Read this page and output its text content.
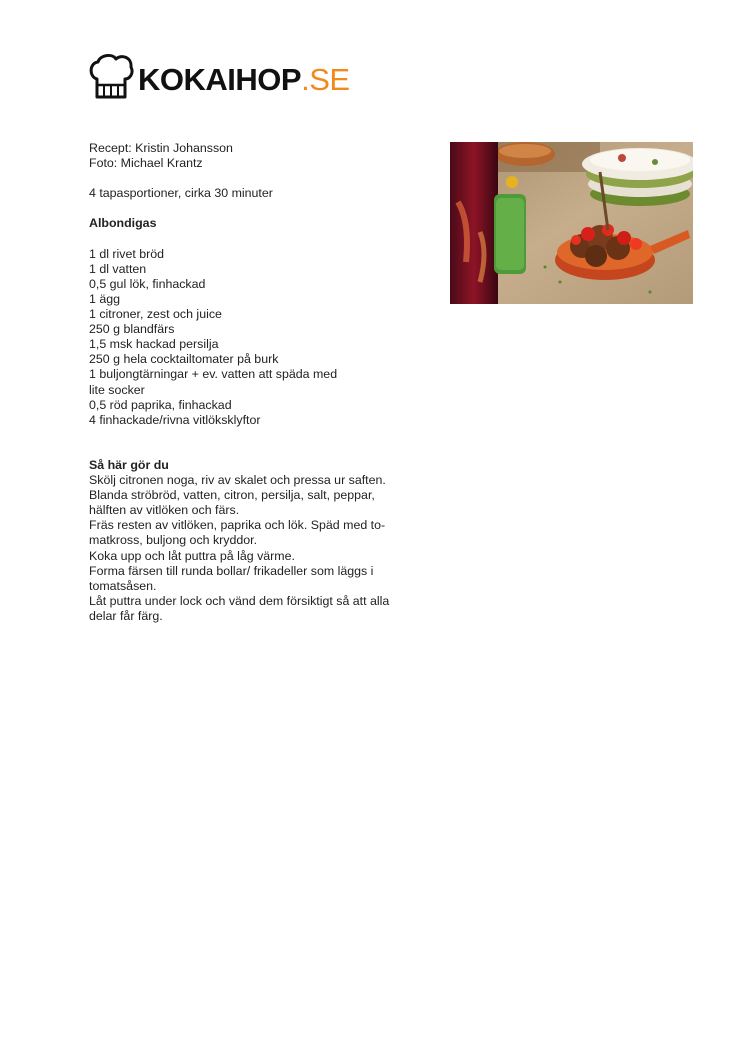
KOKAIHOP.SE

Recept: Kristin Johansson

Foto: Michael Krantz

4 tapasportioner, cirka 30 minuter

Albondigas

1 dl rivet bröd

1 dl vatten

0,5 gul lök, finhackad

1 ägg

1 citroner, zest och juice

250 g blandfärs

1,5 msk hackad persilja

250 g hela cocktailtomater på burk

1 buljongtärningar + ev. vatten att späda med

lite socker

0,5 röd paprika, finhackad

4 finhackade/rivna vitlöksklyftor

Så här gör du

Skölj citronen noga, riv av skalet och pressa ur saften.

Blanda ströbröd, vatten, citron, persilja, salt, peppar,

hälften av vitlöken och färs.

Fräs resten av vitlöken, paprika och lök. Späd med to-

matkross, buljong och kryddor.

Koka upp och låt puttra på låg värme.

Forma färsen till runda bollar/ frikadeller som läggs i

tomatsåsen.

Låt puttra under lock och vänd dem försiktigt så att alla

delar får färg.
